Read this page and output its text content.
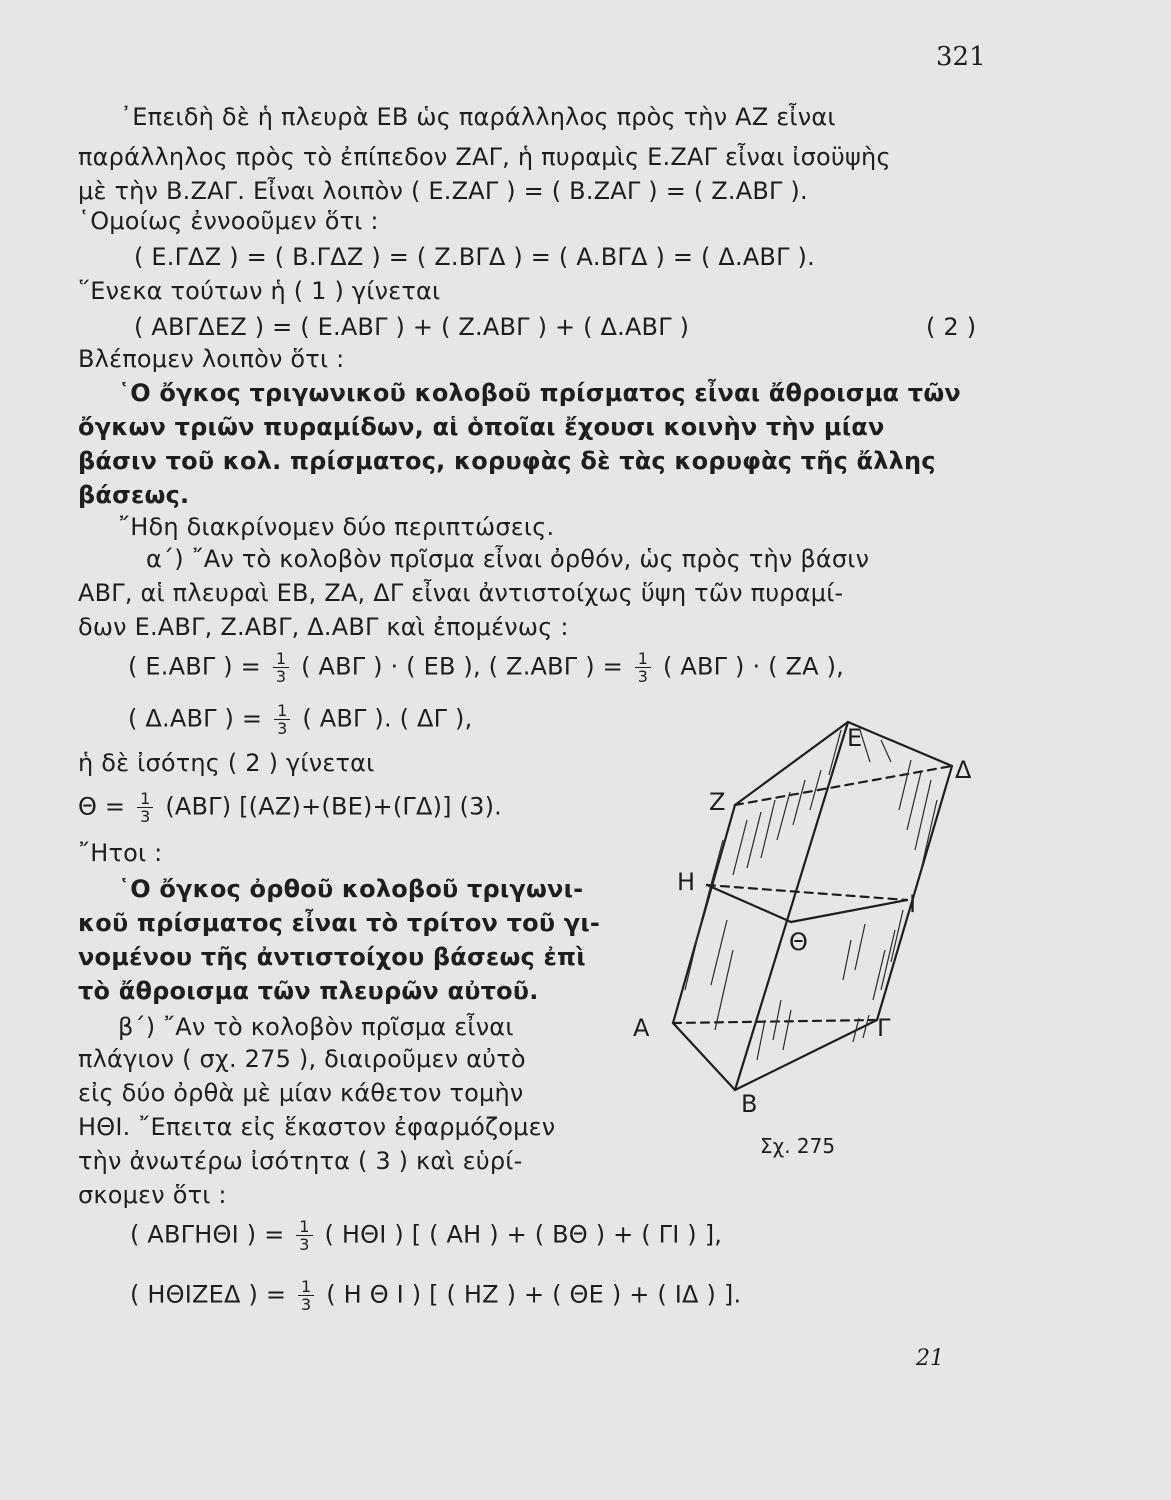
321
᾿Επειδὴ δὲ ἡ πλευρὰ ΕΒ ὡς παράλληλος πρὸς τὴν ΑΖ εἶναι
παράλληλος πρὸς τὸ ἐπίπεδον ΖΑΓ, ἡ πυραμὶς Ε.ΖΑΓ εἶναι ἰσοϋψὴς
μὲ τὴν Β.ΖΑΓ. Εἶναι λοιπὸν ( Ε.ΖΑΓ ) = ( Β.ΖΑΓ ) = ( Ζ.ΑΒΓ ).
῾Ομοίως ἐννοοῦμεν ὅτι :
( Ε.ΓΔΖ ) = ( Β.ΓΔΖ ) = ( Ζ.ΒΓΔ ) = ( Α.ΒΓΔ ) = ( Δ.ΑΒΓ ).
῞Ενεκα τούτων ἡ ( 1 ) γίνεται
( ΑΒΓΔΕΖ ) = ( Ε.ΑΒΓ ) + ( Ζ.ΑΒΓ ) + ( Δ.ΑΒΓ )	( 2 )
Βλέπομεν λοιπὸν ὅτι :
῾Ο ὄγκος τριγωνικοῦ κολοβοῦ πρίσματος εἶναι ἄθροισμα τῶν
ὄγκων τριῶν πυραμίδων, αἱ ὁποῖαι ἔχουσι κοινὴν τὴν μίαν
βάσιν τοῦ κολ. πρίσματος, κορυφὰς δὲ τὰς κορυφὰς τῆς ἄλλης
βάσεως.
῎Ηδη διακρίνομεν δύο περιπτώσεις.
α΄) ῎Αν τὸ κολοβὸν πρῖσμα εἶναι ὀρθόν, ὡς πρὸς τὴν βάσιν
ΑΒΓ, αἱ πλευραὶ ΕΒ, ΖΑ, ΔΓ εἶναι ἀντιστοίχως ὕψη τῶν πυραμί-
δων Ε.ΑΒΓ, Ζ.ΑΒΓ, Δ.ΑΒΓ καὶ ἐπομένως :
( Ε.ΑΒΓ ) = $\frac{1}{3}$ ( ΑΒΓ ) · ( ΕΒ ), ( Ζ.ΑΒΓ ) = $\frac{1}{3}$ ( ΑΒΓ ) · ( ΖΑ ),
( Δ.ΑΒΓ ) = $\frac{1}{3}$ ( ΑΒΓ ). ( ΔΓ ),
ἡ δὲ ἰσότης ( 2 ) γίνεται
$\Theta = \frac{1}{3} (AB\Gamma)$ [(ΑΖ)+(ΒΕ)+(ΓΔ)] (3).
῎Ητοι :
῾Ο ὄγκος ὀρθοῦ κολοβοῦ τριγωνι-
κοῦ πρίσματος εἶναι τὸ τρίτον τοῦ γι-
νομένου τῆς ἀντιστοίχου βάσεως ἐπὶ
τὸ ἄθροισμα τῶν πλευρῶν αὐτοῦ.
β΄) ῎Αν τὸ κολοβὸν πρῖσμα εἶναι
πλάγιον ( σχ. 275 ), διαιροῦμεν αὐτὸ
εἰς δύο ὀρθὰ μὲ μίαν κάθετον τομὴν
ΗΘΙ. ῎Επειτα εἰς ἕκαστον ἐφαρμόζομεν
τὴν ἀνωτέρω ἰσότητα ( 3 ) καὶ εὑρί-
σκομεν ὅτι :
( ΑΒΓΗΘΙ ) = $\frac{1}{3}$ ( ΗΘΙ ) [ ( ΑΗ ) + ( ΒΘ ) + ( ΓΙ ) ],
( ΗΘΙΖΕΔ ) = $\frac{1}{3}$ ( Η Θ Ι ) [ ( ΗΖ ) + ( ΘΕ ) + ( ΙΔ ) ].
Ε
Δ
Ζ
Η
Ι
Θ
Α	Γ
Β
Σχ. 275
21
